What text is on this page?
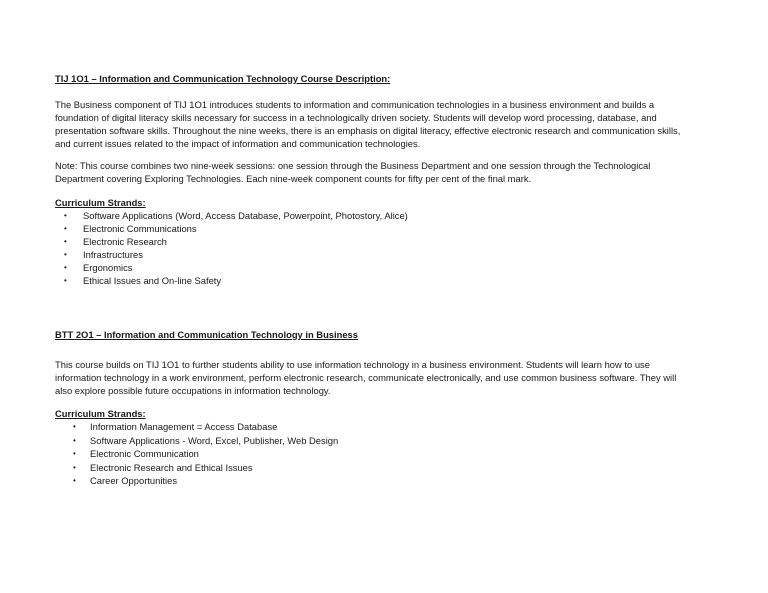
TIJ 1O1 – Information and Communication Technology Course Description:

The Business component of TIJ 1O1 introduces students to information and communication technologies in a business environment and builds a
foundation of digital literacy skills necessary for success in a technologically driven society. Students will develop word processing, database, and
presentation software skills. Throughout the nine weeks, there is an emphasis on digital literacy, effective electronic research and communication skills,
and current issues related to the impact of information and communication technologies.
Note: This course combines two nine-week sessions: one session through the Business Department and one session through the Technological
Department covering Exploring Technologies. Each nine-week component counts for fifty per cent of the final mark.

Curriculum Strands:

• Software Applications (Word, Access Database, Powerpoint, Photostory, Alice)
• Electronic Communications
• Electronic Research
• Infrastructures
• Ergonomics
• Ethical Issues and On-line Safety

BTT 2O1 – Information and Communication Technology in Business

This course builds on TIJ 1O1 to further students ability to use information technology in a business environment. Students will learn how to use
information technology in a work environment, perform electronic research, communicate electronically, and use common business software. They will
also explore possible future occupations in information technology.

Curriculum Strands:

• Information Management = Access Database
• Software Applications - Word, Excel, Publisher, Web Design
• Electronic Communication
• Electronic Research and Ethical Issues
• Career Opportunities
